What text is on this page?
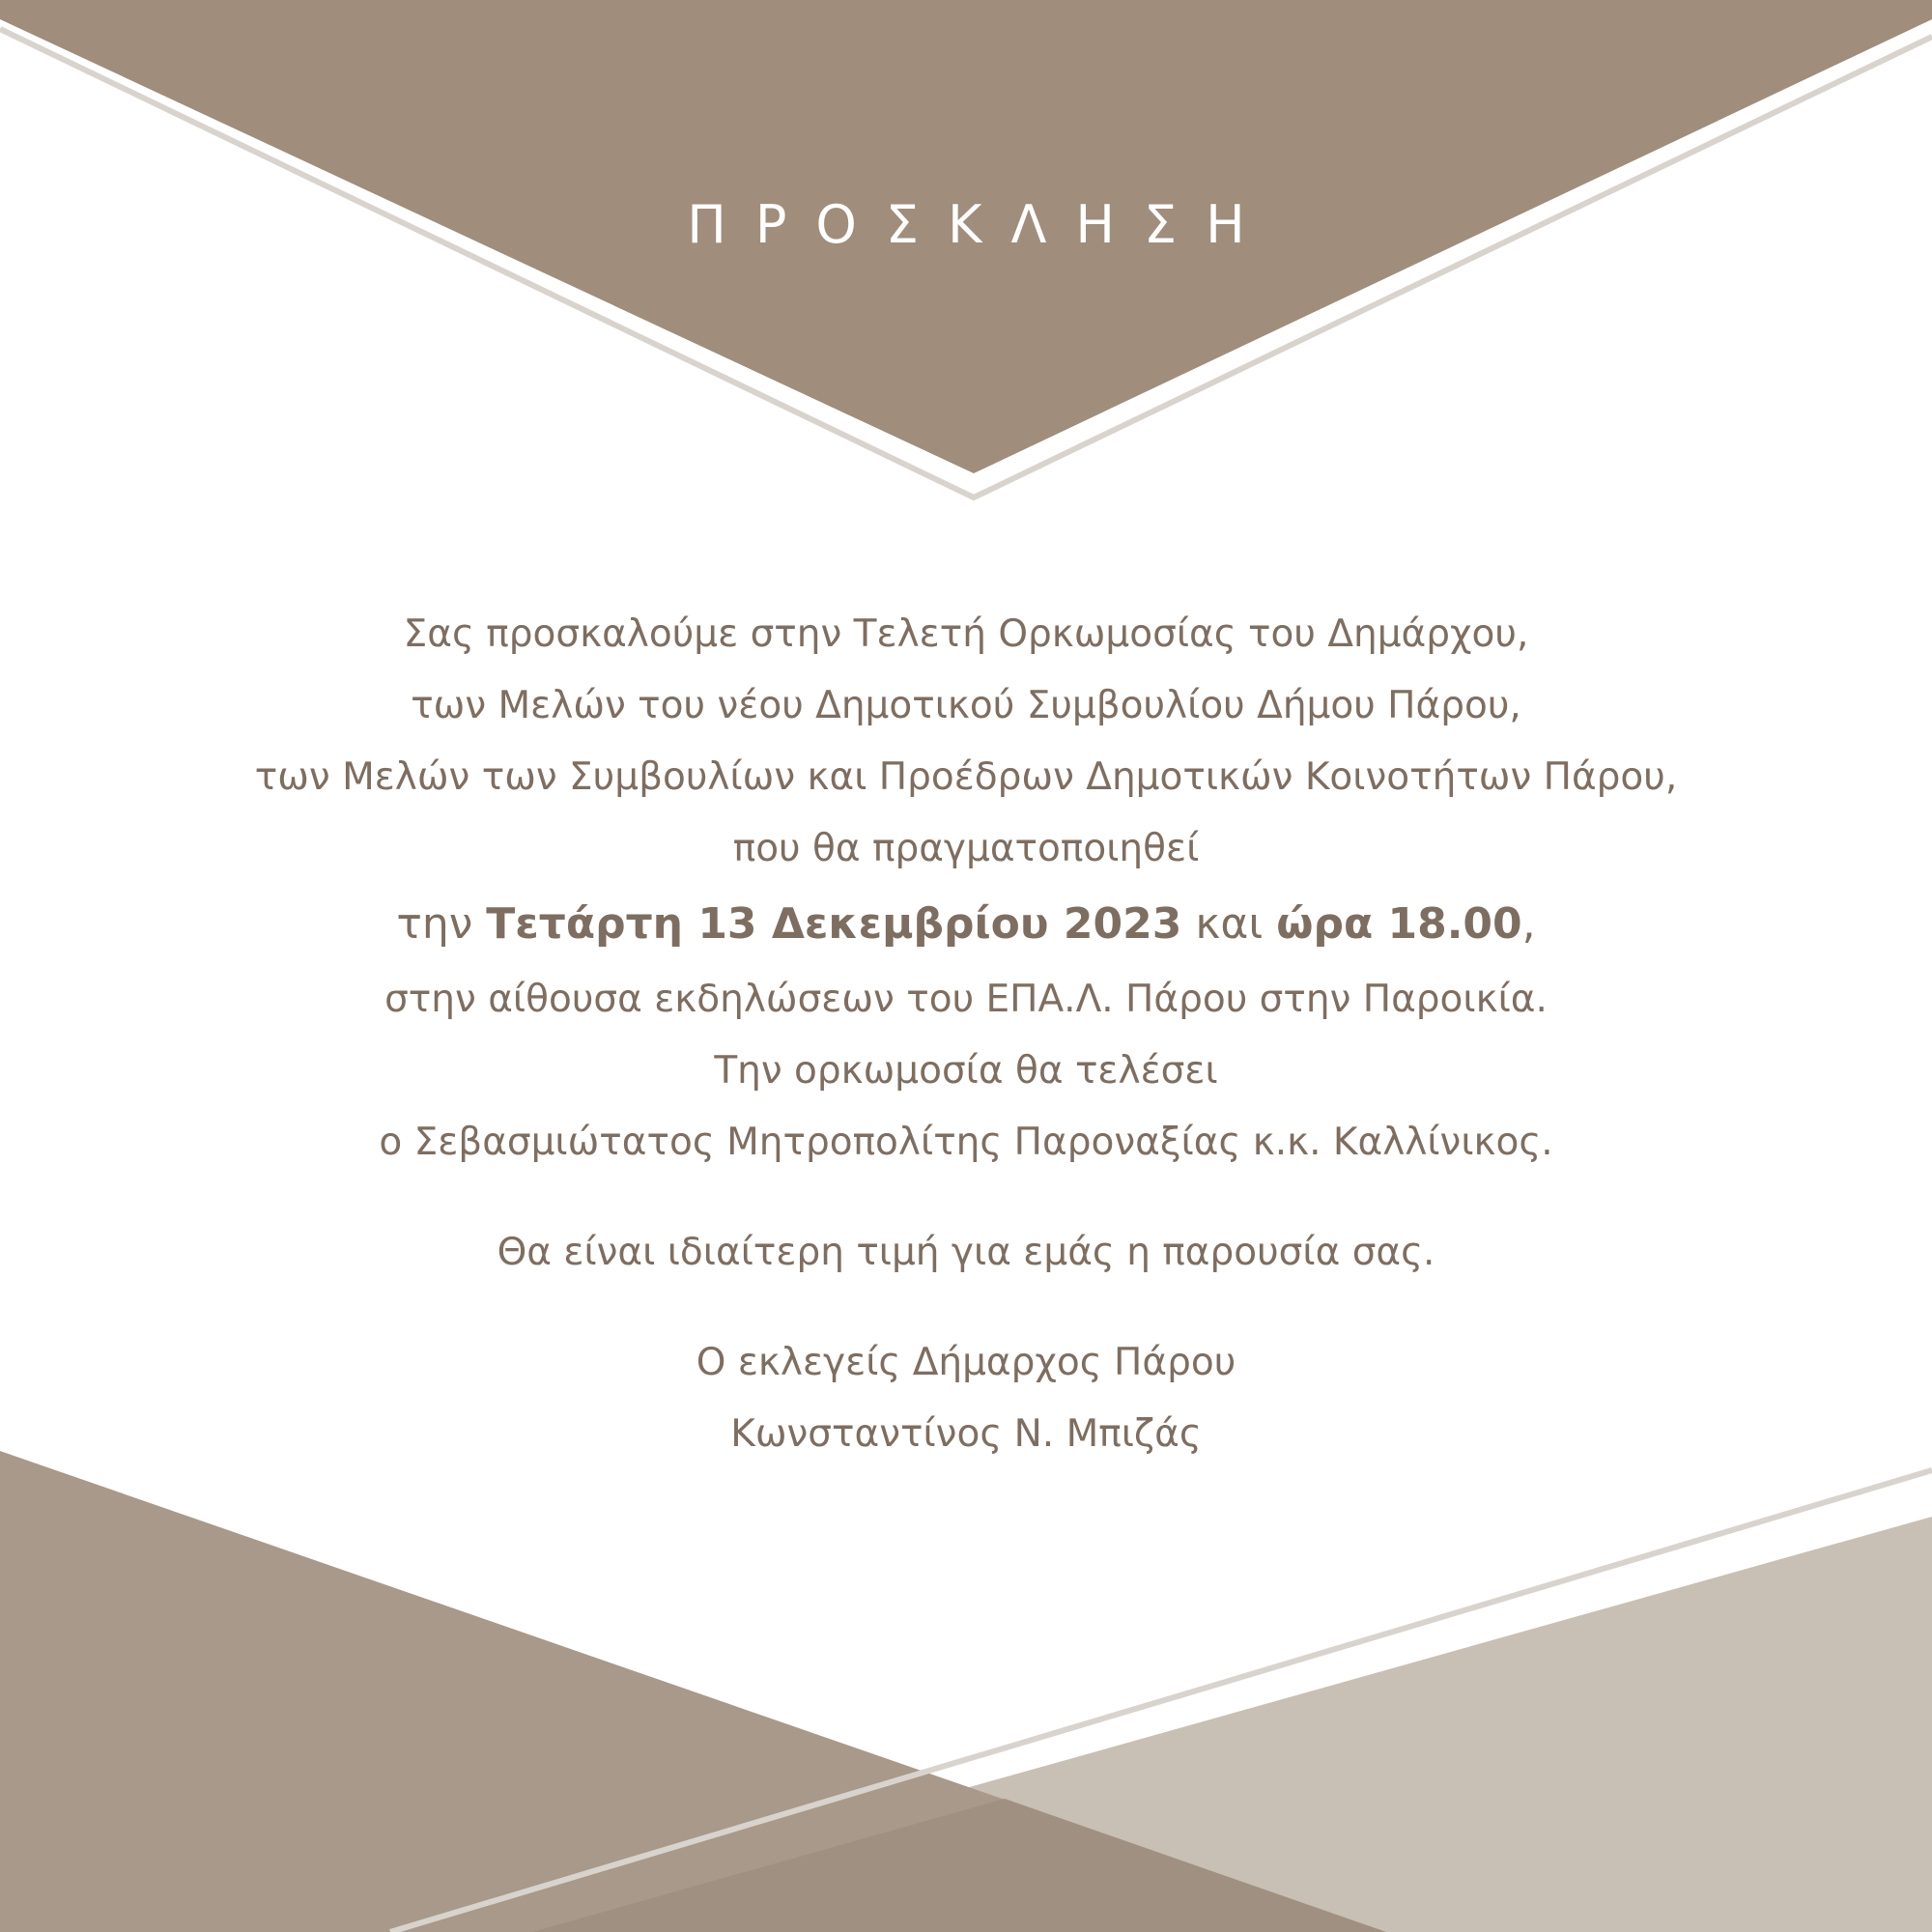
ΠΡΟΣΚΛΗΣΗ
Σας προσκαλούμε στην Τελετή Ορκωμοσίας του Δημάρχου,
των Μελών του νέου Δημοτικού Συμβουλίου Δήμου Πάρου,
των Μελών των Συμβουλίων και Προέδρων Δημοτικών Κοινοτήτων Πάρου,
που θα πραγματοποιηθεί
την Τετάρτη 13 Δεκεμβρίου 2023 και ώρα 18.00,
στην αίθουσα εκδηλώσεων του ΕΠΑ.Λ. Πάρου στην Παροικία.
Την ορκωμοσία θα τελέσει
ο Σεβασμιώτατος Μητροπολίτης Παροναξίας κ.κ. Καλλίνικος.
Θα είναι ιδιαίτερη τιμή για εμάς η παρουσία σας.
Ο εκλεγείς Δήμαρχος Πάρου
Κωνσταντίνος Ν. Μπιζάς
